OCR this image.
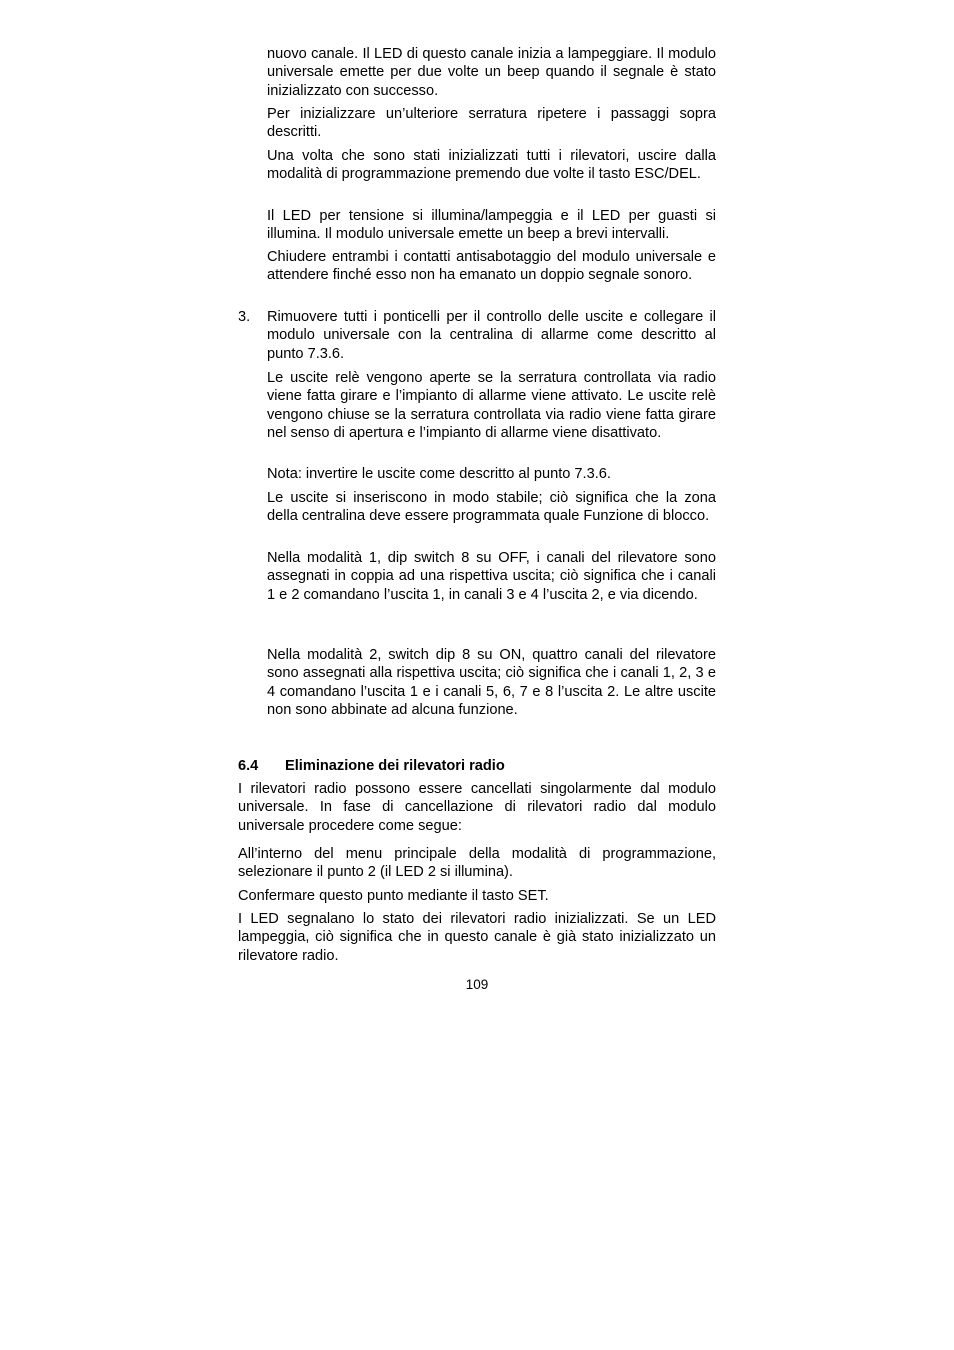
nuovo canale. Il LED di questo canale inizia a lampeggiare. Il modulo universale emette per due volte un beep quando il segnale è stato inizializzato con successo.

Per inizializzare un’ulteriore serratura ripetere i passaggi sopra descritti.

Una volta che sono stati inizializzati tutti i rilevatori, uscire dalla modalità di programmazione premendo due volte il tasto ESC/DEL.

Il LED per tensione si illumina/lampeggia e il LED per guasti si illumina. Il modulo universale emette un beep a brevi intervalli.

Chiudere entrambi i contatti antisabotaggio del modulo universale e attendere finché esso non ha emanato un doppio segnale sonoro.

3. Rimuovere tutti i ponticelli per il controllo delle uscite e collegare il modulo universale con la centralina di allarme come descritto al punto 7.3.6.

Le uscite relè vengono aperte se la serratura controllata via radio viene fatta girare e l’impianto di allarme viene attivato. Le uscite relè vengono chiuse se la serratura controllata via radio viene fatta girare nel senso di apertura e l’impianto di allarme viene disattivato.

Nota: invertire le uscite come descritto al punto 7.3.6.

Le uscite si inseriscono in modo stabile; ciò significa che la zona della centralina deve essere programmata quale Funzione di blocco.

Nella modalità 1, dip switch 8 su OFF, i canali del rilevatore sono assegnati in coppia ad una rispettiva uscita; ciò significa che i canali 1 e 2 comandano l’uscita 1, in canali 3 e 4 l’uscita 2, e via dicendo.

Nella modalità 2, switch dip 8 su ON, quattro canali del rilevatore sono assegnati alla rispettiva uscita; ciò significa che i canali 1, 2, 3 e 4 comandano l’uscita 1 e i canali 5, 6, 7 e 8 l’uscita 2. Le altre uscite non sono abbinate ad alcuna funzione.

6.4 Eliminazione dei rilevatori radio

I rilevatori radio possono essere cancellati singolarmente dal modulo universale. In fase di cancellazione di rilevatori radio dal modulo universale procedere come segue:

All’interno del menu principale della modalità di programmazione, selezionare il punto 2 (il LED 2 si illumina).

Confermare questo punto mediante il tasto SET.

I LED segnalano lo stato dei rilevatori radio inizializzati. Se un LED lampeggia, ciò significa che in questo canale è già stato inizializzato un rilevatore radio.

109
